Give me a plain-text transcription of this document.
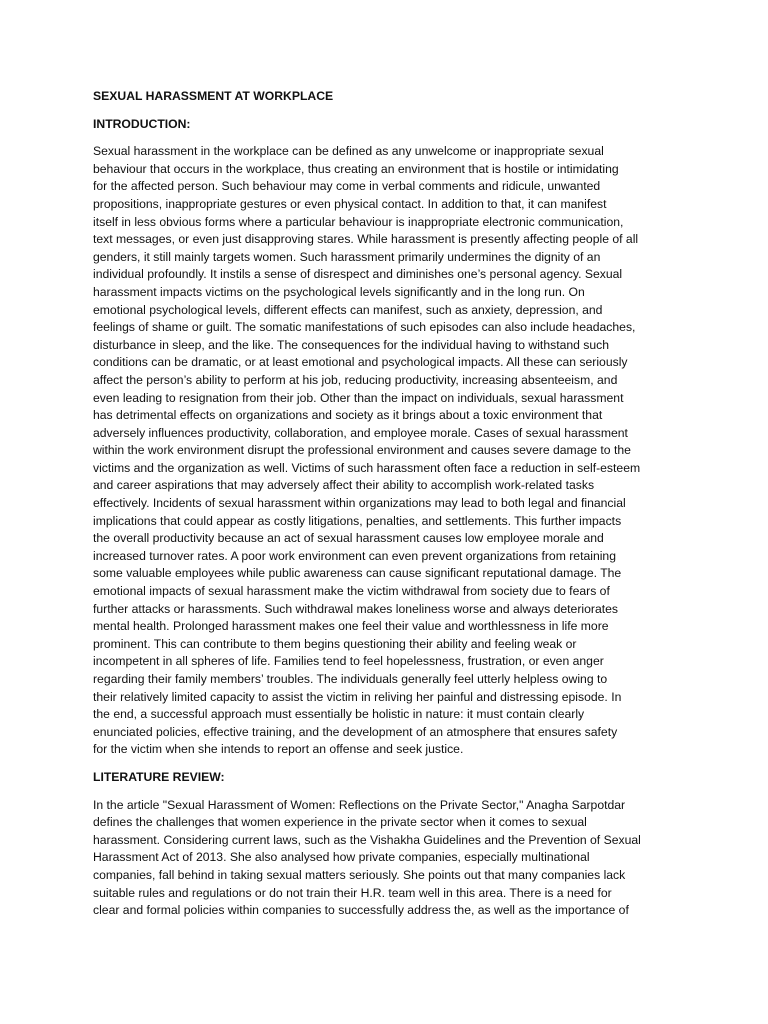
SEXUAL HARASSMENT AT WORKPLACE

INTRODUCTION:

Sexual harassment in the workplace can be defined as any unwelcome or inappropriate sexual
behaviour that occurs in the workplace, thus creating an environment that is hostile or intimidating
for the affected person. Such behaviour may come in verbal comments and ridicule, unwanted
propositions, inappropriate gestures or even physical contact. In addition to that, it can manifest
itself in less obvious forms where a particular behaviour is inappropriate electronic communication,
text messages, or even just disapproving stares. While harassment is presently affecting people of all
genders, it still mainly targets women. Such harassment primarily undermines the dignity of an
individual profoundly. It instils a sense of disrespect and diminishes one’s personal agency. Sexual
harassment impacts victims on the psychological levels significantly and in the long run. On
emotional psychological levels, different effects can manifest, such as anxiety, depression, and
feelings of shame or guilt. The somatic manifestations of such episodes can also include headaches,
disturbance in sleep, and the like. The consequences for the individual having to withstand such
conditions can be dramatic, or at least emotional and psychological impacts. All these can seriously
affect the person’s ability to perform at his job, reducing productivity, increasing absenteeism, and
even leading to resignation from their job. Other than the impact on individuals, sexual harassment
has detrimental effects on organizations and society as it brings about a toxic environment that
adversely influences productivity, collaboration, and employee morale. Cases of sexual harassment
within the work environment disrupt the professional environment and causes severe damage to the
victims and the organization as well. Victims of such harassment often face a reduction in self-esteem
and career aspirations that may adversely affect their ability to accomplish work-related tasks
effectively. Incidents of sexual harassment within organizations may lead to both legal and financial
implications that could appear as costly litigations, penalties, and settlements. This further impacts
the overall productivity because an act of sexual harassment causes low employee morale and
increased turnover rates. A poor work environment can even prevent organizations from retaining
some valuable employees while public awareness can cause significant reputational damage. The
emotional impacts of sexual harassment make the victim withdrawal from society due to fears of
further attacks or harassments. Such withdrawal makes loneliness worse and always deteriorates
mental health. Prolonged harassment makes one feel their value and worthlessness in life more
prominent. This can contribute to them begins questioning their ability and feeling weak or
incompetent in all spheres of life. Families tend to feel hopelessness, frustration, or even anger
regarding their family members’ troubles. The individuals generally feel utterly helpless owing to
their relatively limited capacity to assist the victim in reliving her painful and distressing episode. In
the end, a successful approach must essentially be holistic in nature: it must contain clearly
enunciated policies, effective training, and the development of an atmosphere that ensures safety
for the victim when she intends to report an offense and seek justice.

LITERATURE REVIEW:

In the article "Sexual Harassment of Women: Reflections on the Private Sector," Anagha Sarpotdar
defines the challenges that women experience in the private sector when it comes to sexual
harassment. Considering current laws, such as the Vishakha Guidelines and the Prevention of Sexual
Harassment Act of 2013. She also analysed how private companies, especially multinational
companies, fall behind in taking sexual matters seriously. She points out that many companies lack
suitable rules and regulations or do not train their H.R. team well in this area. There is a need for
clear and formal policies within companies to successfully address the, as well as the importance of
